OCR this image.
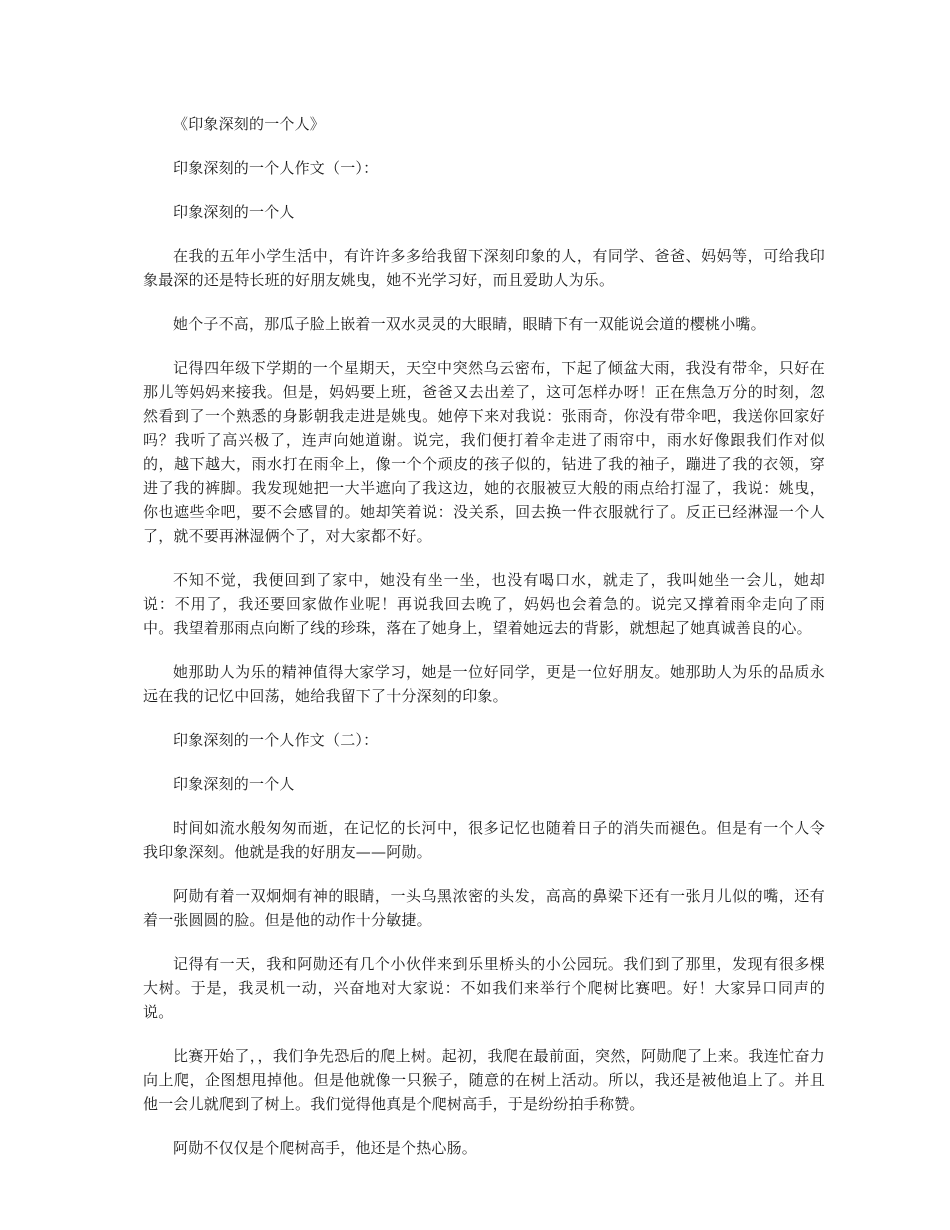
《印象深刻的一个人》

印象深刻的一个人作文（一）：

印象深刻的一个人

在我的五年小学生活中，有许许多多给我留下深刻印象的人，有同学、爸爸、妈妈等，可给我印象最深的还是特长班的好朋友姚曳，她不光学习好，而且爱助人为乐。

她个子不高，那瓜子脸上嵌着一双水灵灵的大眼睛，眼睛下有一双能说会道的樱桃小嘴。

记得四年级下学期的一个星期天，天空中突然乌云密布，下起了倾盆大雨，我没有带伞，只好在那儿等妈妈来接我。但是，妈妈要上班，爸爸又去出差了，这可怎样办呀！正在焦急万分的时刻，忽然看到了一个熟悉的身影朝我走进是姚曳。她停下来对我说：张雨奇，你没有带伞吧，我送你回家好吗？我听了高兴极了，连声向她道谢。说完，我们便打着伞走进了雨帘中，雨水好像跟我们作对似的，越下越大，雨水打在雨伞上，像一个个顽皮的孩子似的，钻进了我的袖子，蹦进了我的衣领，穿进了我的裤脚。我发现她把一大半遮向了我这边，她的衣服被豆大般的雨点给打湿了，我说：姚曳，你也遮些伞吧，要不会感冒的。她却笑着说：没关系，回去换一件衣服就行了。反正已经淋湿一个人了，就不要再淋湿俩个了，对大家都不好。

不知不觉，我便回到了家中，她没有坐一坐，也没有喝口水，就走了，我叫她坐一会儿，她却说：不用了，我还要回家做作业呢！再说我回去晚了，妈妈也会着急的。说完又撑着雨伞走向了雨中。我望着那雨点向断了线的珍珠，落在了她身上，望着她远去的背影，就想起了她真诚善良的心。

她那助人为乐的精神值得大家学习，她是一位好同学，更是一位好朋友。她那助人为乐的品质永远在我的记忆中回荡，她给我留下了十分深刻的印象。

印象深刻的一个人作文（二）：

印象深刻的一个人

时间如流水般匆匆而逝，在记忆的长河中，很多记忆也随着日子的消失而褪色。但是有一个人令我印象深刻。他就是我的好朋友——阿勋。

阿勋有着一双炯炯有神的眼睛，一头乌黑浓密的头发，高高的鼻梁下还有一张月儿似的嘴，还有着一张圆圆的脸。但是他的动作十分敏捷。

记得有一天，我和阿勋还有几个小伙伴来到乐里桥头的小公园玩。我们到了那里，发现有很多棵大树。于是，我灵机一动，兴奋地对大家说：不如我们来举行个爬树比赛吧。好！大家异口同声的说。

比赛开始了，，我们争先恐后的爬上树。起初，我爬在最前面，突然，阿勋爬了上来。我连忙奋力向上爬，企图想甩掉他。但是他就像一只猴子，随意的在树上活动。所以，我还是被他追上了。并且他一会儿就爬到了树上。我们觉得他真是个爬树高手，于是纷纷拍手称赞。

阿勋不仅仅是个爬树高手，他还是个热心肠。
